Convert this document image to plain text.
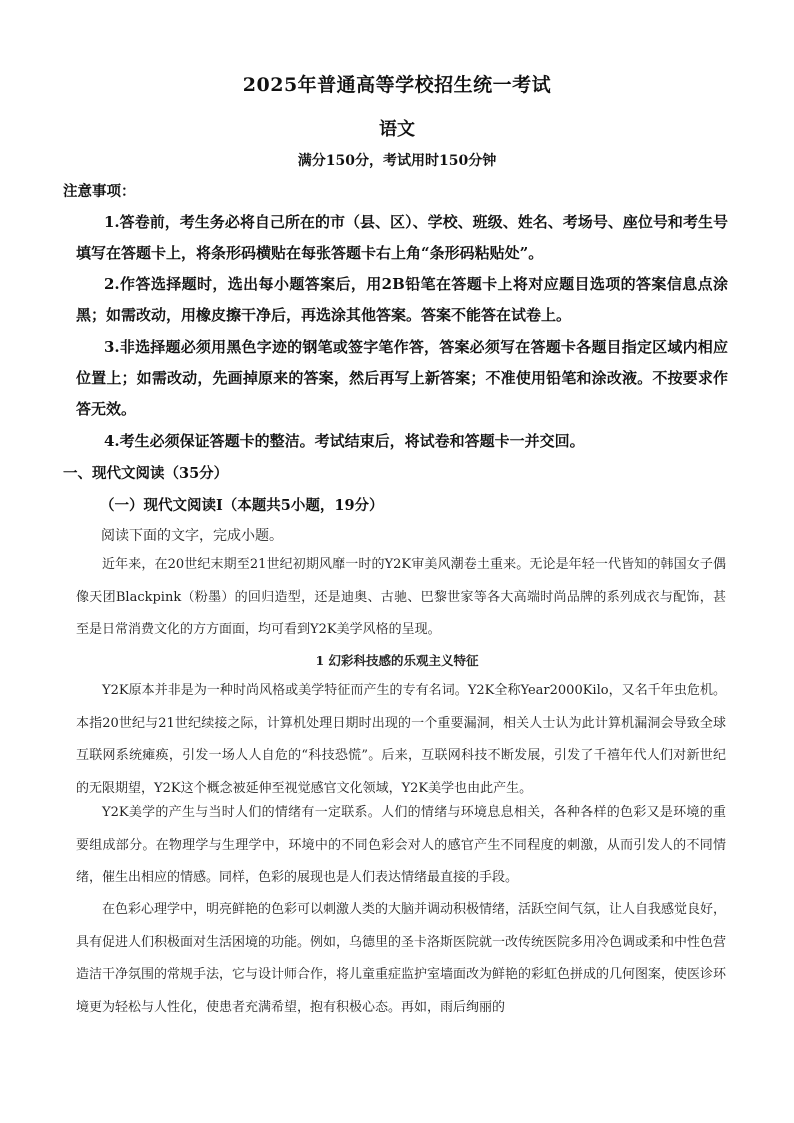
2025年普通高等学校招生统一考试
语文
满分150分，考试用时150分钟
注意事项：

1.答卷前，考生务必将自己所在的市（县、区）、学校、班级、姓名、考场号、座位号和考生号填写在答题卡上，将条形码横贴在每张答题卡右上角“条形码粘贴处”。

2.作答选择题时，选出每小题答案后，用2B铅笔在答题卡上将对应题目选项的答案信息点涂黑；如需改动，用橡皮擦干净后，再选涂其他答案。答案不能答在试卷上。

3.非选择题必须用黑色字迹的钢笔或签字笔作答，答案必须写在答题卡各题目指定区域内相应位置上；如需改动，先画掉原来的答案，然后再写上新答案；不准使用铅笔和涂改液。不按要求作答无效。

4.考生必须保证答题卡的整洁。考试结束后，将试卷和答题卡一并交回。

一、现代文阅读（35分）
（一）现代文阅读Ⅰ（本题共5小题，19分）
阅读下面的文字，完成小题。

近年来，在20世纪末期至21世纪初期风靡一时的Y2K审美风潮卷土重来。无论是年轻一代皆知的韩国女子偶像天团Blackpink（粉墨）的回归造型，还是迪奥、古驰、巴黎世家等各大高端时尚品牌的系列成衣与配饰，甚至是日常消费文化的方方面面，均可看到Y2K美学风格的呈现。

1 幻彩科技感的乐观主义特征

Y2K原本并非是为一种时尚风格或美学特征而产生的专有名词。Y2K全称Year2000Kilo，又名千年虫危机。本指20世纪与21世纪续接之际，计算机处理日期时出现的一个重要漏洞，相关人士认为此计算机漏洞会导致全球互联网系统瘫痪，引发一场人人自危的“科技恐慌”。后来，互联网科技不断发展，引发了千禧年代人们对新世纪的无限期望，Y2K这个概念被延伸至视觉感官文化领域，Y2K美学也由此产生。

Y2K美学的产生与当时人们的情绪有一定联系。人们的情绪与环境息息相关，各种各样的色彩又是环境的重要组成部分。在物理学与生理学中，环境中的不同色彩会对人的感官产生不同程度的刺激，从而引发人的不同情绪，催生出相应的情感。同样，色彩的展现也是人们表达情绪最直接的手段。

在色彩心理学中，明亮鲜艳的色彩可以刺激人类的大脑并调动积极情绪，活跃空间气氛，让人自我感觉良好，具有促进人们积极面对生活困境的功能。例如，乌德里的圣卡洛斯医院就一改传统医院多用冷色调或柔和中性色营造洁干净氛围的常规手法，它与设计师合作，将儿童重症监护室墙面改为鲜艳的彩虹色拼成的几何图案，使医诊环境更为轻松与人性化，使患者充满希望，抱有积极心态。再如，雨后绚丽的
